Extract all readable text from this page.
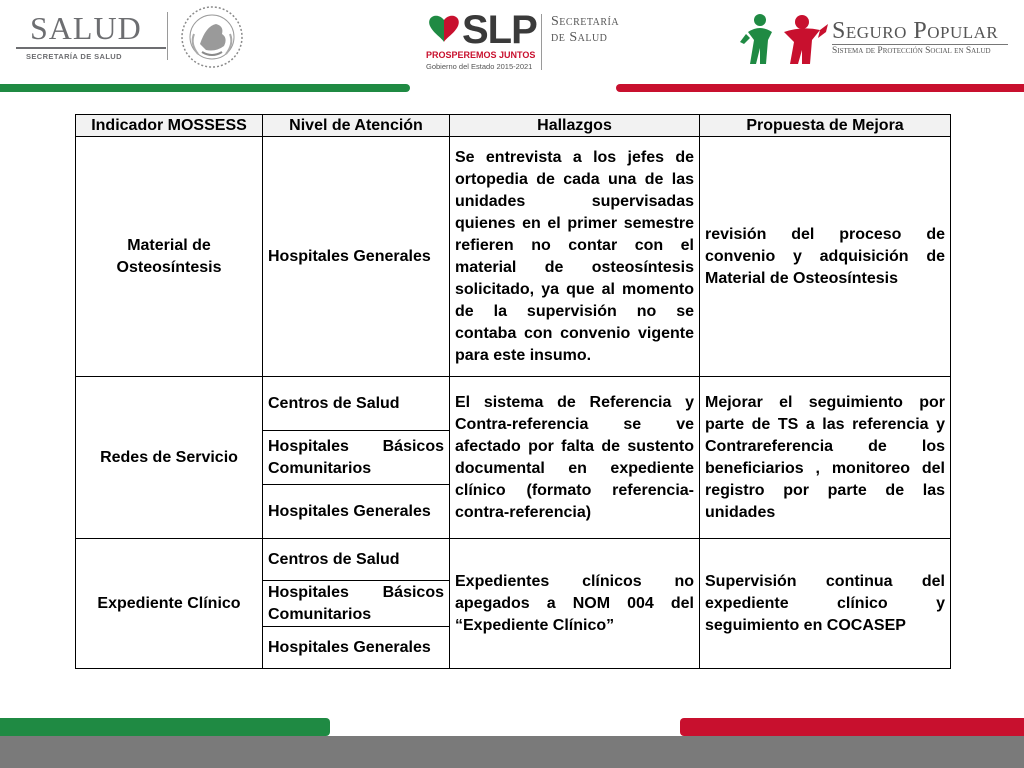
SALUD
SECRETARÍA DE SALUD
SLP
PROSPEREMOS JUNTOS
Gobierno del Estado 2015-2021
Secretaría
de Salud	Seguro Popular
Sistema de Protección Social en Salud
Indicador MOSSESS	Nivel de Atención	Hallazgos	Propuesta de Mejora
Material de Osteosíntesis	Hospitales Generales	Se entrevista a los jefes de ortopedia de cada una de las unidades supervisadas quienes en el primer semestre refieren no contar con el material de osteosíntesis solicitado, ya que al momento de la supervisión no se contaba con convenio vigente para este insumo.	revisión del proceso de convenio y adquisición de Material de Osteosíntesis
Redes de Servicio	Centros de Salud	El sistema de Referencia y Contra-referencia se ve afectado por falta de sustento documental en expediente clínico (formato referencia-contra-referencia)	Mejorar el seguimiento por parte de TS a las referencia y Contrareferencia de los beneficiarios , monitoreo del registro por parte de las unidades
	Hospitales Básicos Comunitarios		
	Hospitales Generales		
Expediente Clínico	Centros de Salud	Expedientes clínicos no apegados a NOM 004 del “Expediente Clínico”	Supervisión continua del expediente clínico y seguimiento en COCASEP
	Hospitales Básicos Comunitarios		
	Hospitales Generales		
